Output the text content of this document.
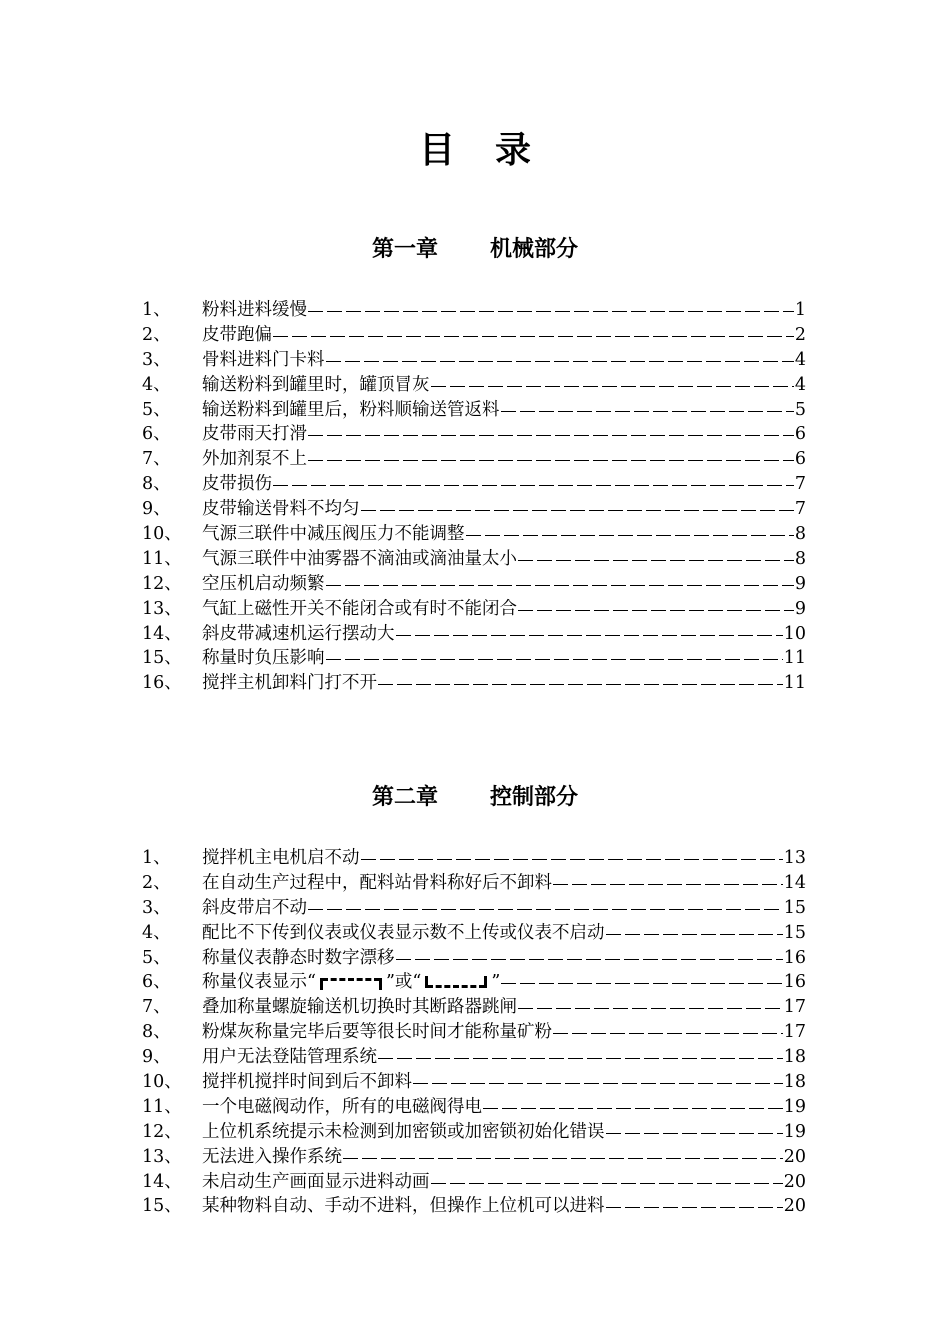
目录
第一章 机械部分
1、	粉料进料缓慢	1
2、	皮带跑偏	2
3、	骨料进料门卡料	4
4、	输送粉料到罐里时，罐顶冒灰	4
5、	输送粉料到罐里后，粉料顺输送管返料	5
6、	皮带雨天打滑	6
7、	外加剂泵不上	6
8、	皮带损伤	7
9、	皮带输送骨料不均匀	7
10、	气源三联件中减压阀压力不能调整	8
11、	气源三联件中油雾器不滴油或滴油量太小	8
12、	空压机启动频繁	9
13、	气缸上磁性开关不能闭合或有时不能闭合	9
14、	斜皮带减速机运行摆动大	10
15、	称量时负压影响	11
16、	搅拌主机卸料门打不开	11
第二章 控制部分
1、	搅拌机主电机启不动	13
2、	在自动生产过程中，配料站骨料称好后不卸料	14
3、	斜皮带启不动	15
4、	配比不下传到仪表或仪表显示数不上传或仪表不启动	15
5、	称量仪表静态时数字漂移	16
6、	称量仪表显示“	”或“	”	16
7、	叠加称量螺旋输送机切换时其断路器跳闸	17
8、	粉煤灰称量完毕后要等很长时间才能称量矿粉	17
9、	用户无法登陆管理系统	18
10、	搅拌机搅拌时间到后不卸料	18
11、	一个电磁阀动作，所有的电磁阀得电	19
12、	上位机系统提示未检测到加密锁或加密锁初始化错误	19
13、	无法进入操作系统	20
14、	未启动生产画面显示进料动画	20
15、	某种物料自动、手动不进料，但操作上位机可以进料	20
